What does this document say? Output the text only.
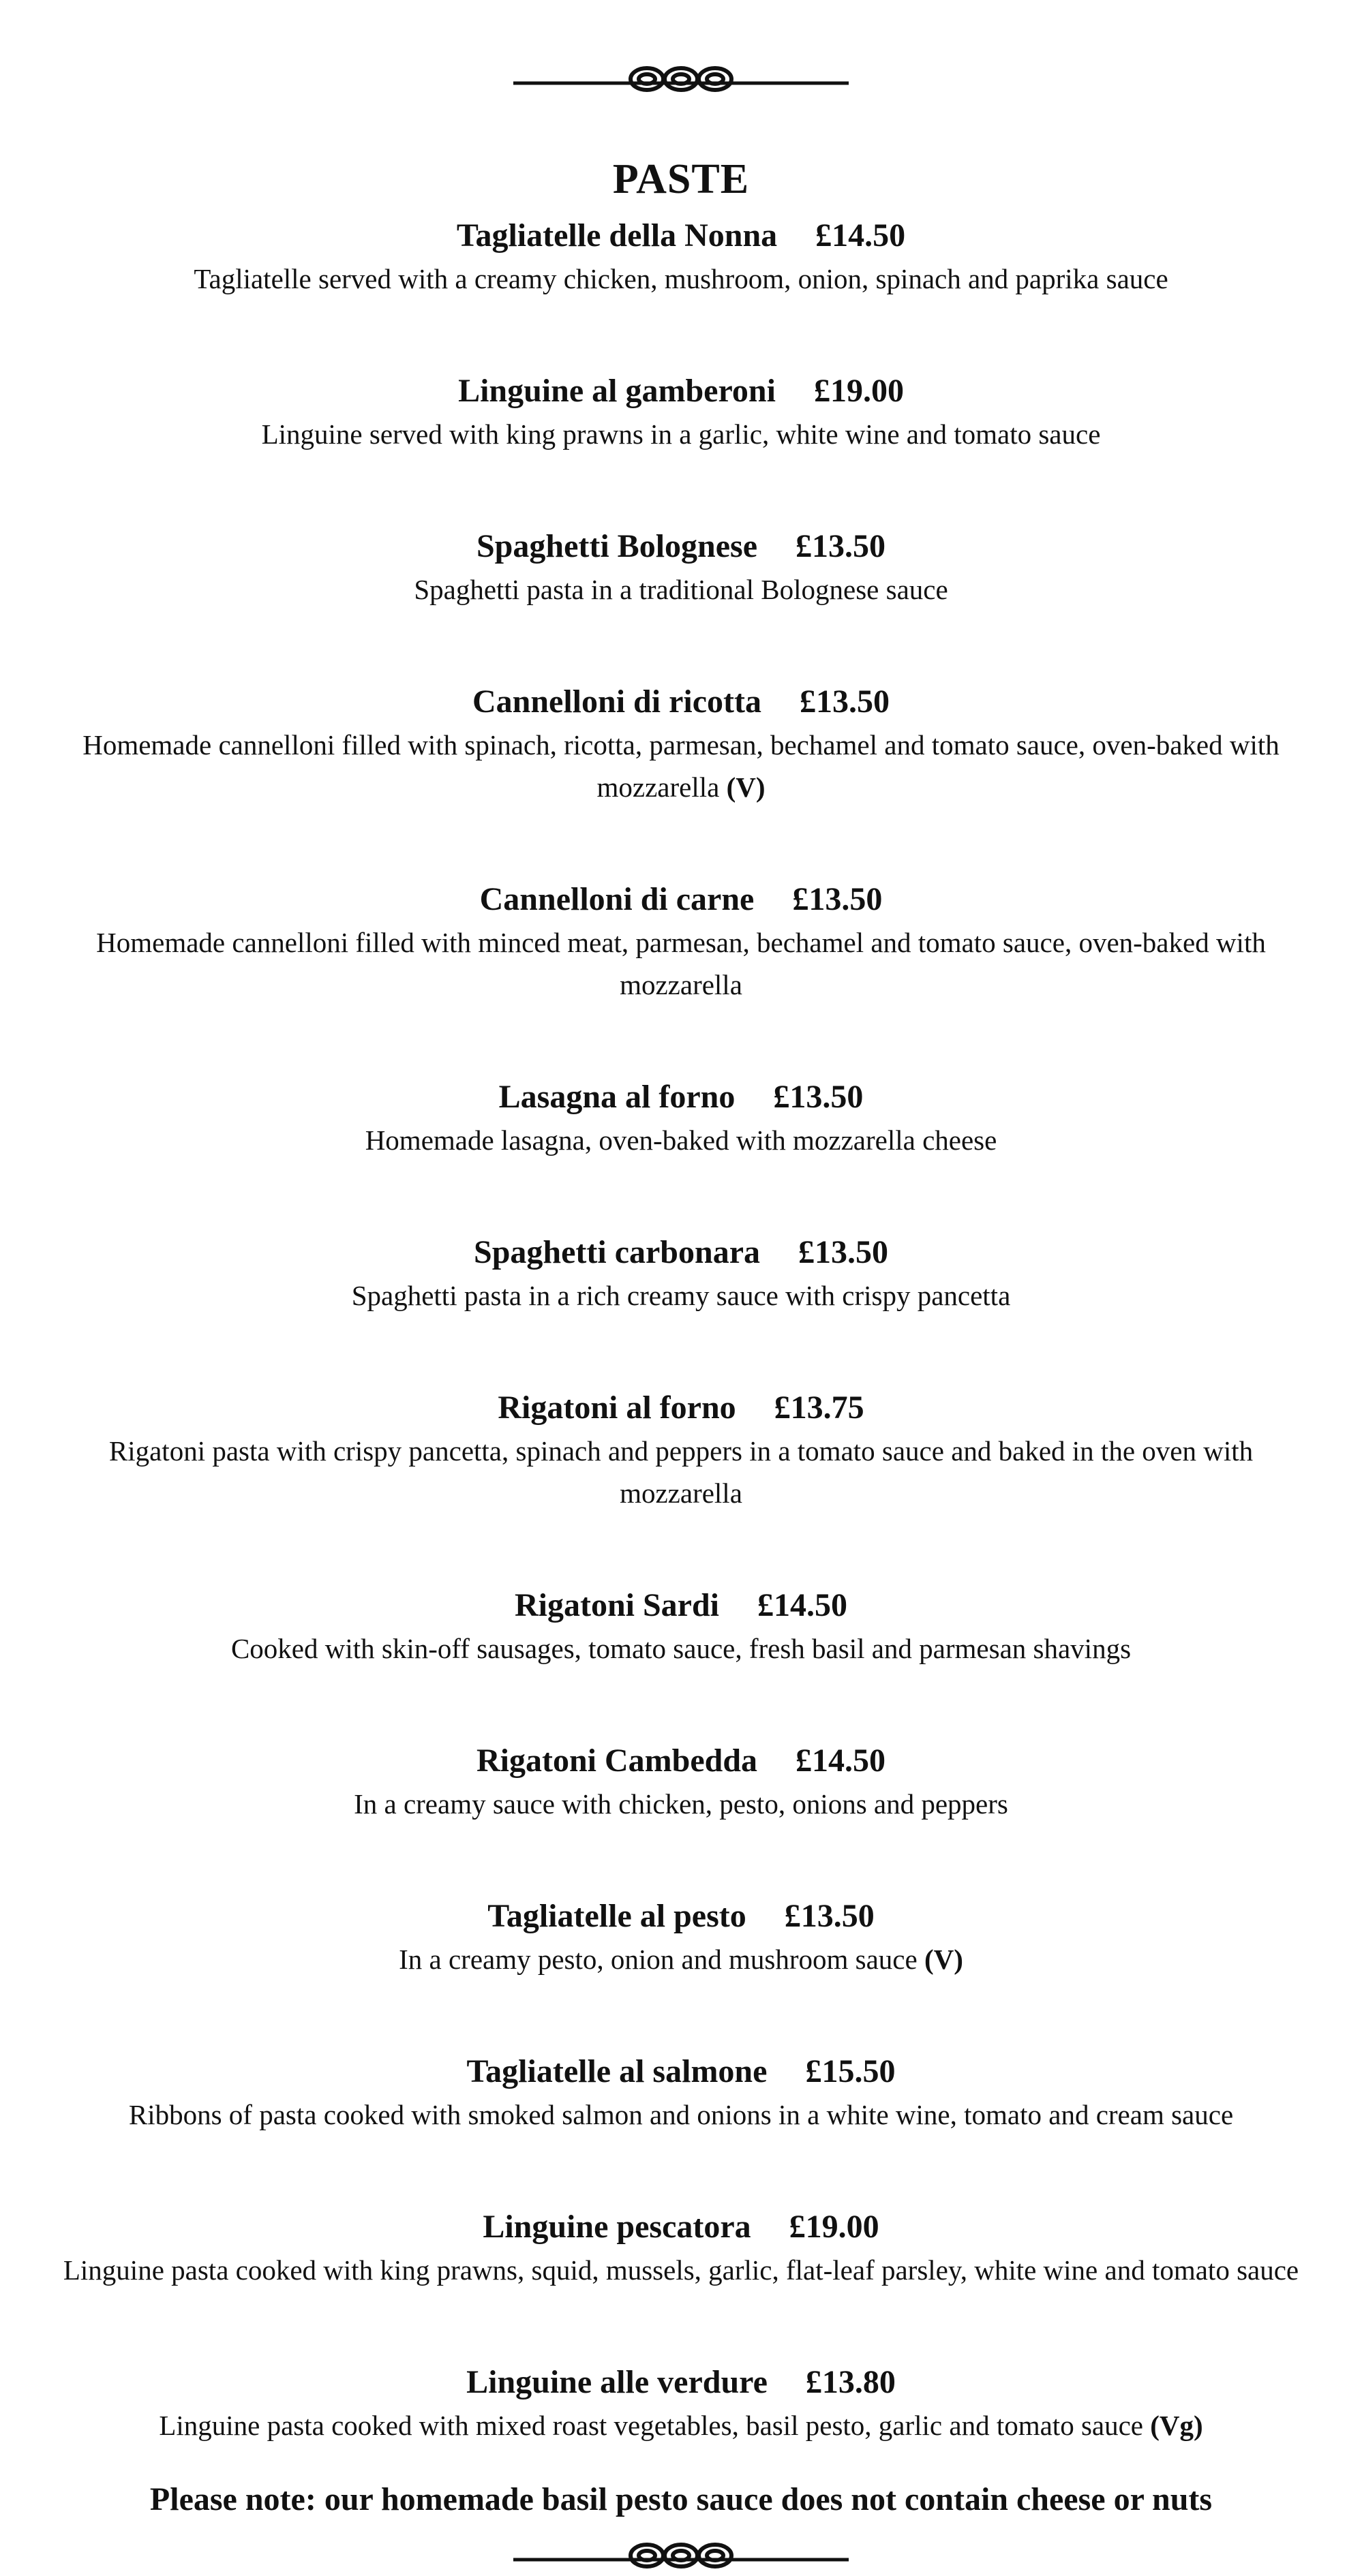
PASTE
Tagliatelle della Nonna £14.50
Tagliatelle served with a creamy chicken, mushroom, onion, spinach and paprika sauce
Linguine al gamberoni £19.00
Linguine served with king prawns in a garlic, white wine and tomato sauce
Spaghetti Bolognese £13.50
Spaghetti pasta in a traditional Bolognese sauce
Cannelloni di ricotta £13.50
Homemade cannelloni filled with spinach, ricotta, parmesan, bechamel and tomato sauce, oven-baked with mozzarella (V)
Cannelloni di carne £13.50
Homemade cannelloni filled with minced meat, parmesan, bechamel and tomato sauce, oven-baked with mozzarella
Lasagna al forno £13.50
Homemade lasagna, oven-baked with mozzarella cheese
Spaghetti carbonara £13.50
Spaghetti pasta in a rich creamy sauce with crispy pancetta
Rigatoni al forno £13.75
Rigatoni pasta with crispy pancetta, spinach and peppers in a tomato sauce and baked in the oven with mozzarella
Rigatoni Sardi £14.50
Cooked with skin-off sausages, tomato sauce, fresh basil and parmesan shavings
Rigatoni Cambedda £14.50
In a creamy sauce with chicken, pesto, onions and peppers
Tagliatelle al pesto £13.50
In a creamy pesto, onion and mushroom sauce (V)
Tagliatelle al salmone £15.50
Ribbons of pasta cooked with smoked salmon and onions in a white wine, tomato and cream sauce
Linguine pescatora £19.00
Linguine pasta cooked with king prawns, squid, mussels, garlic, flat-leaf parsley, white wine and tomato sauce
Linguine alle verdure £13.80
Linguine pasta cooked with mixed roast vegetables, basil pesto, garlic and tomato sauce (Vg)
Please note: our homemade basil pesto sauce does not contain cheese or nuts
